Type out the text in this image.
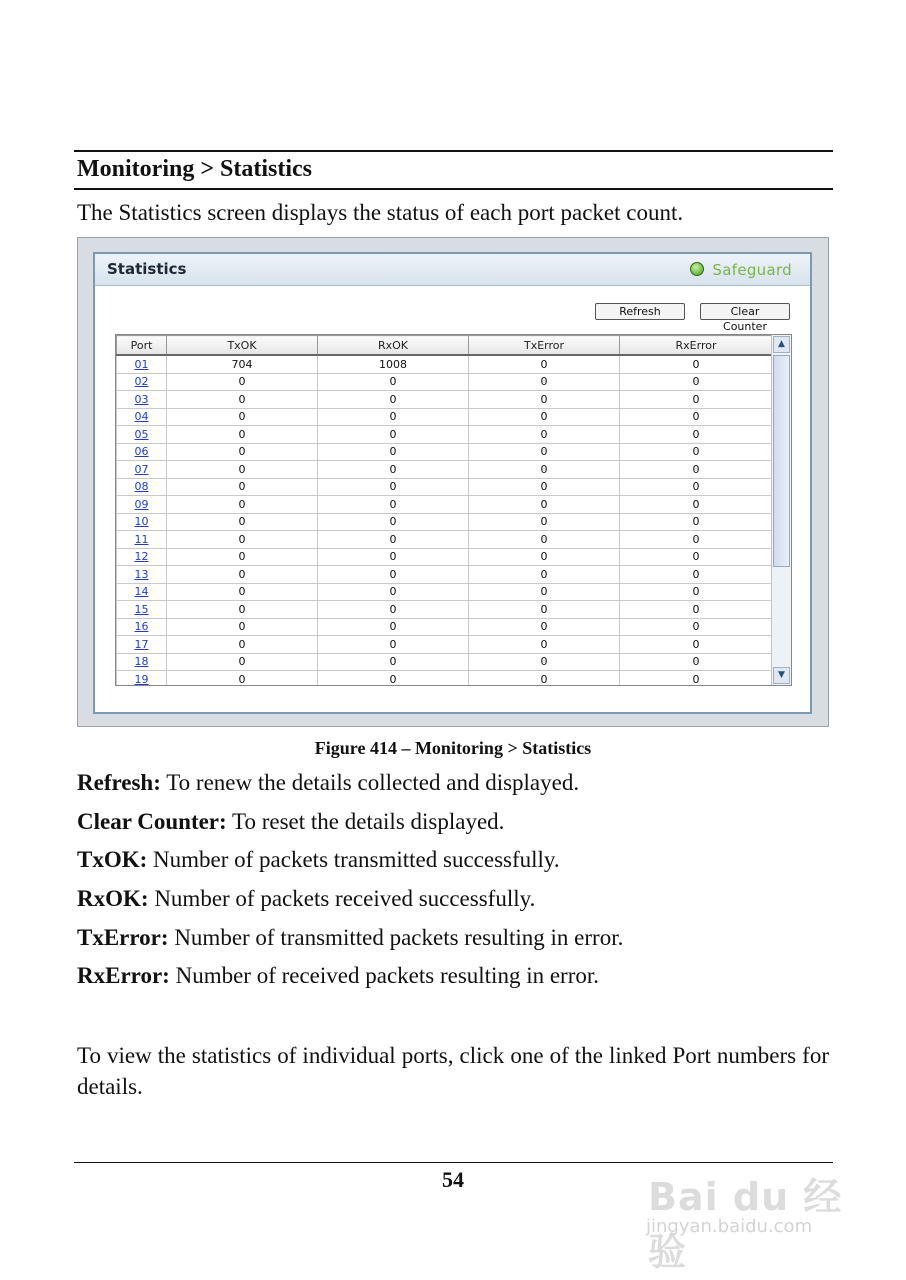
Monitoring > Statistics
The Statistics screen displays the status of each port packet count.
Statistics	Safeguard
Refresh	Clear Counter
Port	TxOK	RxOK	TxError	RxError
01	704	1008	0	0
02	0	0	0	0
03	0	0	0	0
04	0	0	0	0
05	0	0	0	0
06	0	0	0	0
07	0	0	0	0
08	0	0	0	0
09	0	0	0	0
10	0	0	0	0
11	0	0	0	0
12	0	0	0	0
13	0	0	0	0
14	0	0	0	0
15	0	0	0	0
16	0	0	0	0
17	0	0	0	0
18	0	0	0	0
19	0	0	0	0
▲
▼
Figure 414 – Monitoring > Statistics
Refresh: To renew the details collected and displayed.
Clear Counter: To reset the details displayed.
TxOK: Number of packets transmitted successfully.
RxOK: Number of packets received successfully.
TxError: Number of transmitted packets resulting in error.
RxError: Number of received packets resulting in error.
To view the statistics of individual ports, click one of the linked Port numbers for details.
54	Bai du 经验
jingyan.baidu.com
